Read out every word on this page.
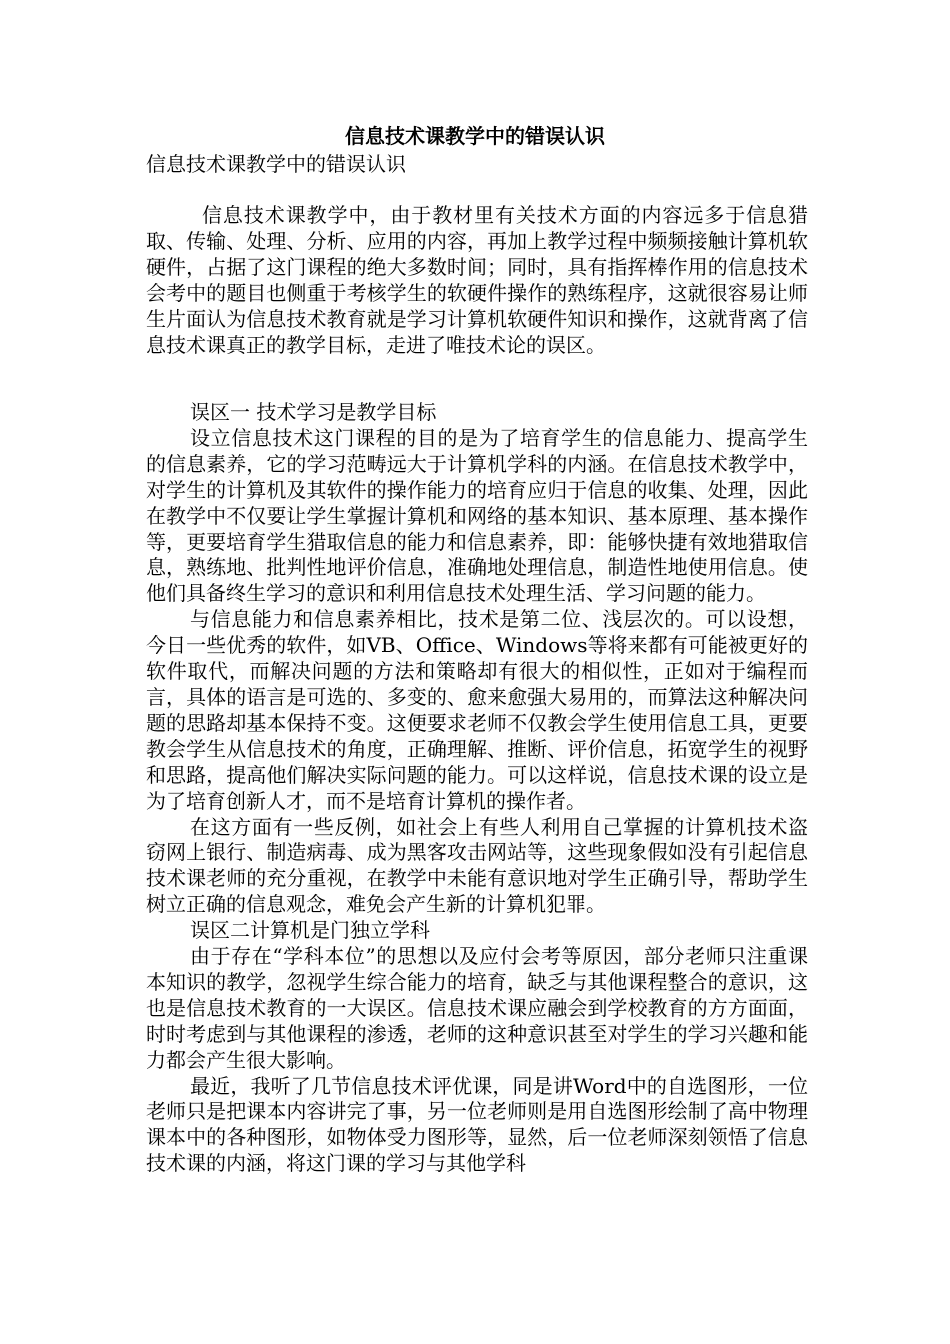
信息技术课教学中的错误认识
信息技术课教学中的错误认识

信息技术课教学中，由于教材里有关技术方面的内容远多于信息猎取、传输、处理、分析、应用的内容，再加上教学过程中频频接触计算机软硬件，占据了这门课程的绝大多数时间；同时，具有指挥棒作用的信息技术会考中的题目也侧重于考核学生的软硬件操作的熟练程序，这就很容易让师生片面认为信息技术教育就是学习计算机软硬件知识和操作，这就背离了信息技术课真正的教学目标，走进了唯技术论的误区。

误区一 技术学习是教学目标

设立信息技术这门课程的目的是为了培育学生的信息能力、提高学生的信息素养，它的学习范畴远大于计算机学科的内涵。在信息技术教学中，对学生的计算机及其软件的操作能力的培育应归于信息的收集、处理，因此在教学中不仅要让学生掌握计算机和网络的基本知识、基本原理、基本操作等，更要培育学生猎取信息的能力和信息素养，即：能够快捷有效地猎取信息，熟练地、批判性地评价信息，准确地处理信息，制造性地使用信息。使他们具备终生学习的意识和利用信息技术处理生活、学习问题的能力。

与信息能力和信息素养相比，技术是第二位、浅层次的。可以设想，今日一些优秀的软件，如VB、Office、Windows等将来都有可能被更好的软件取代，而解决问题的方法和策略却有很大的相似性，正如对于编程而言，具体的语言是可选的、多变的、愈来愈强大易用的，而算法这种解决问题的思路却基本保持不变。这便要求老师不仅教会学生使用信息工具，更要教会学生从信息技术的角度，正确理解、推断、评价信息，拓宽学生的视野和思路，提高他们解决实际问题的能力。可以这样说，信息技术课的设立是为了培育创新人才，而不是培育计算机的操作者。

在这方面有一些反例，如社会上有些人利用自己掌握的计算机技术盗窃网上银行、制造病毒、成为黑客攻击网站等，这些现象假如没有引起信息技术课老师的充分重视，在教学中未能有意识地对学生正确引导，帮助学生树立正确的信息观念，难免会产生新的计算机犯罪。

误区二计算机是门独立学科

由于存在“学科本位”的思想以及应付会考等原因，部分老师只注重课本知识的教学，忽视学生综合能力的培育，缺乏与其他课程整合的意识，这也是信息技术教育的一大误区。信息技术课应融会到学校教育的方方面面，时时考虑到与其他课程的渗透，老师的这种意识甚至对学生的学习兴趣和能力都会产生很大影响。

最近，我听了几节信息技术评优课，同是讲Word中的自选图形，一位老师只是把课本内容讲完了事，另一位老师则是用自选图形绘制了高中物理课本中的各种图形，如物体受力图形等，显然，后一位老师深刻领悟了信息技术课的内涵，将这门课的学习与其他学科
